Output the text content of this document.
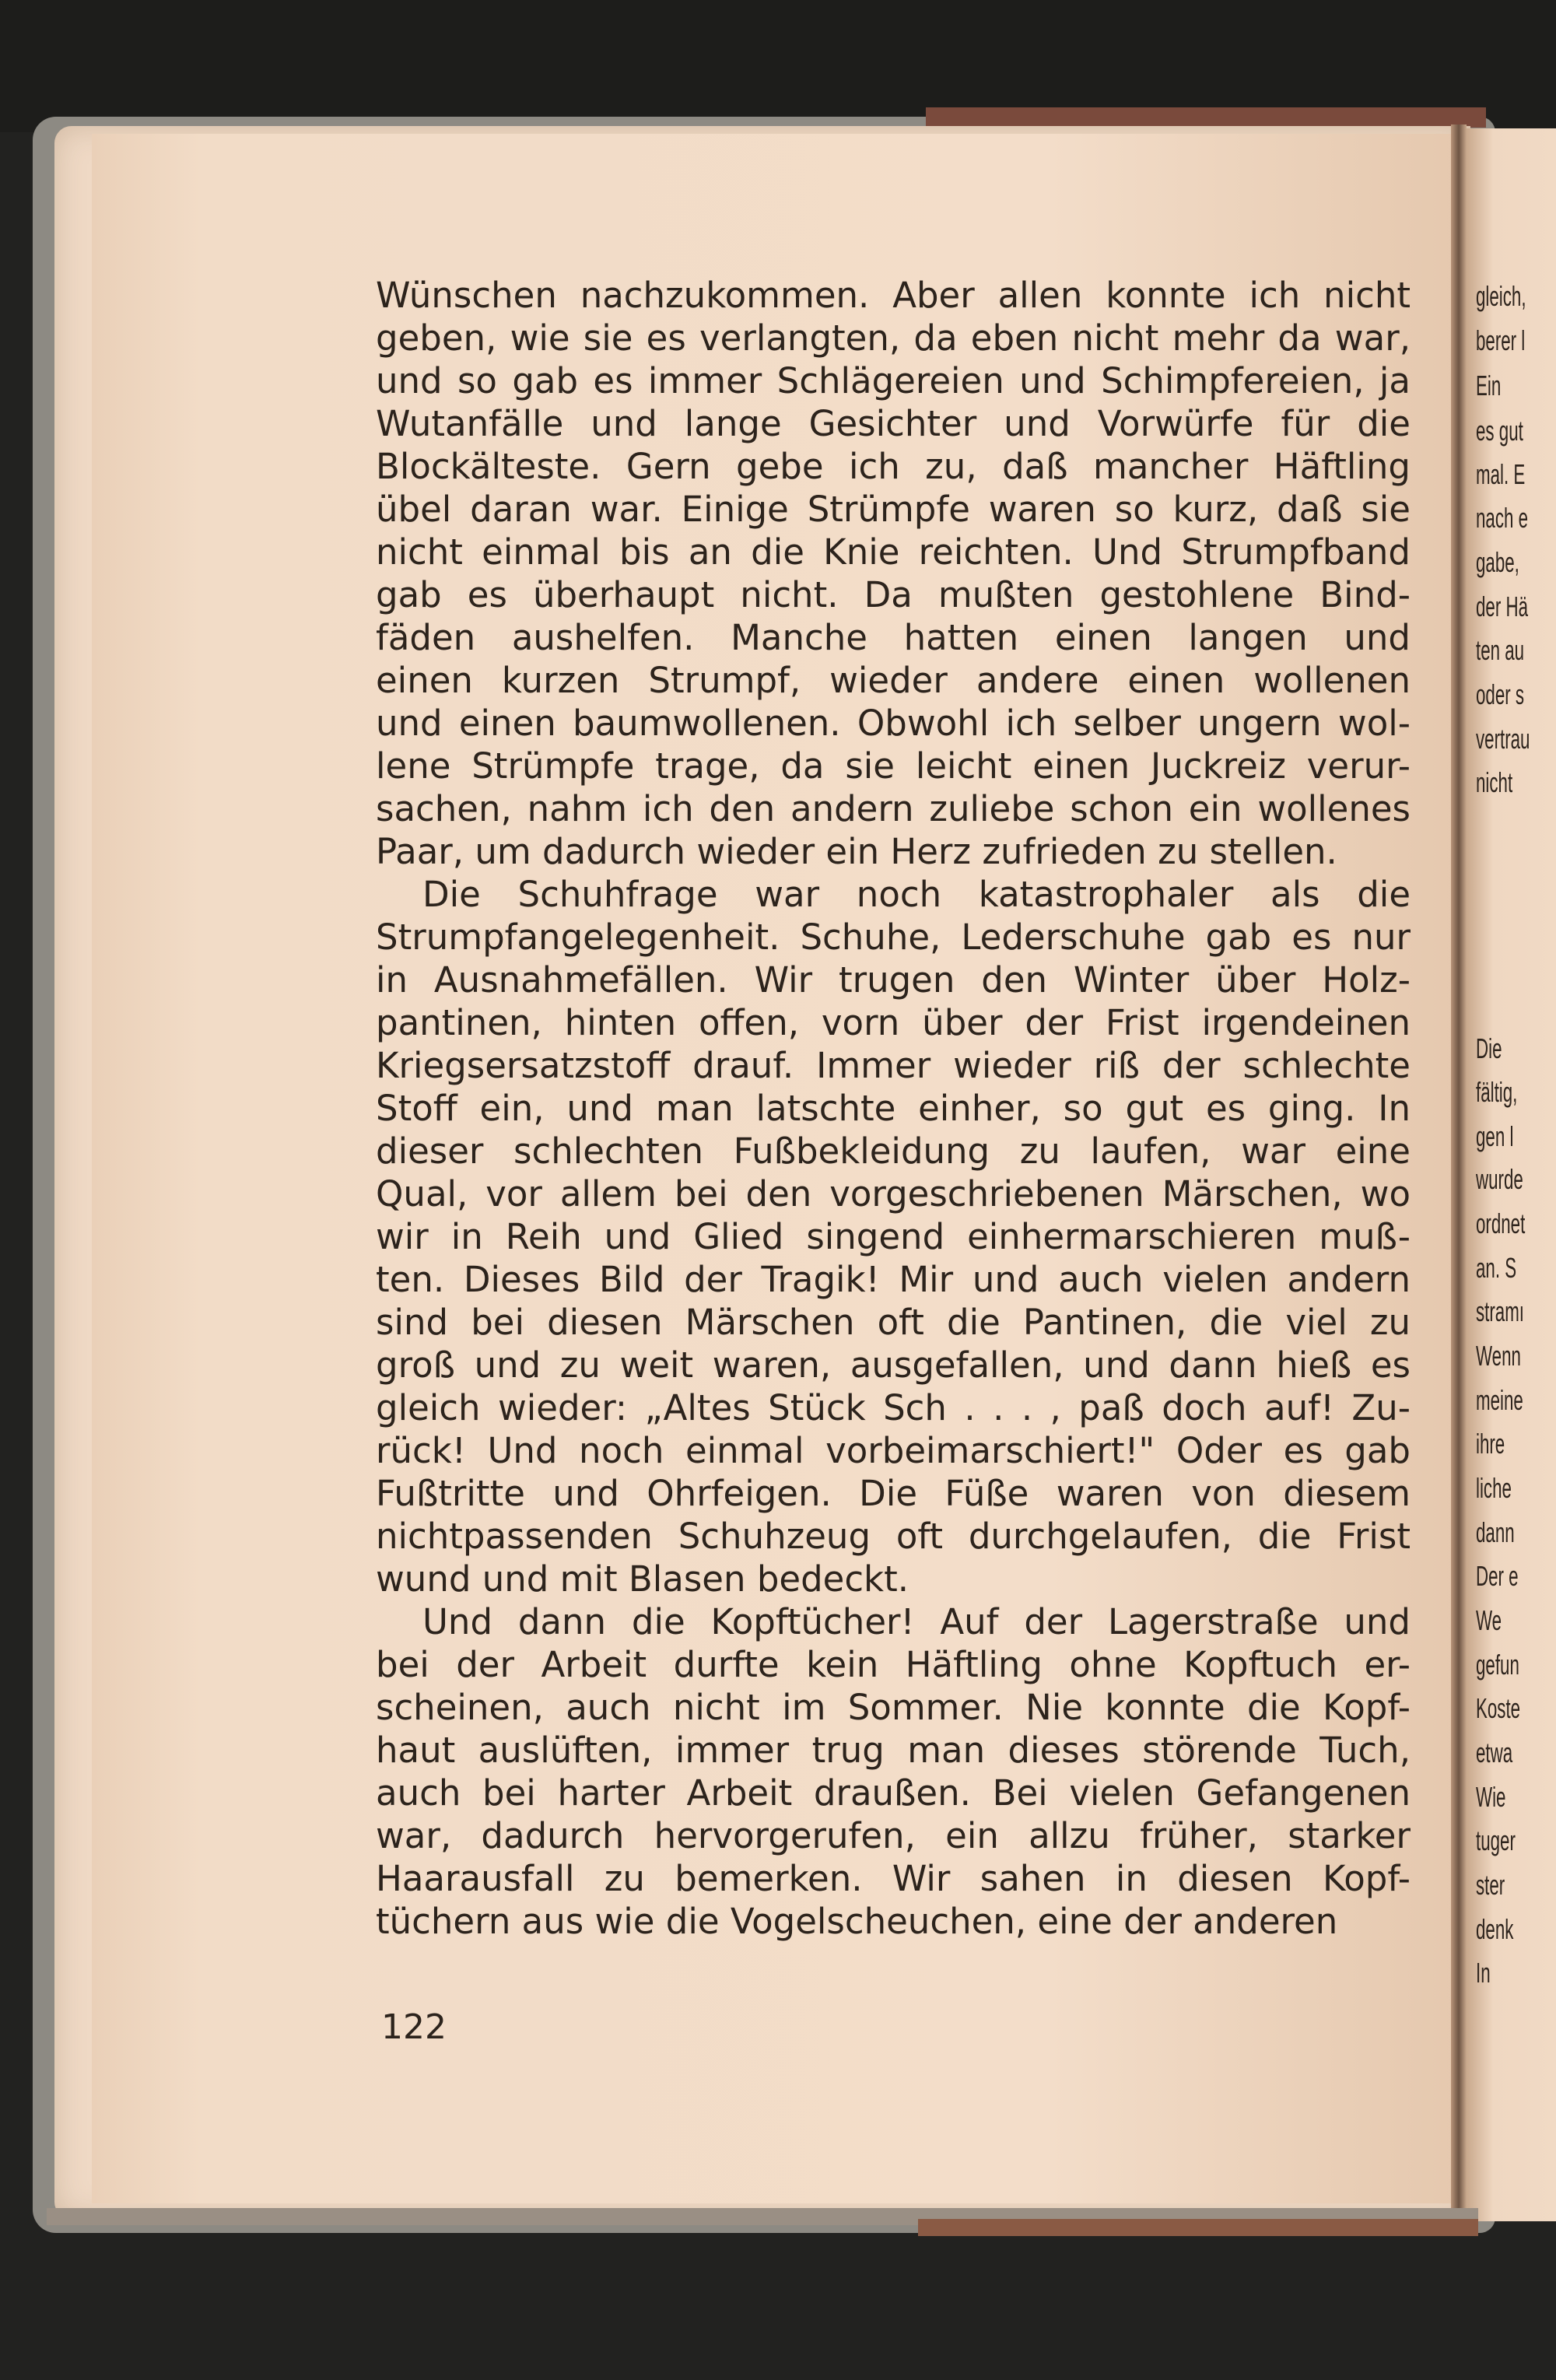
gleich,
berer l
Ein
es gut
mal. E
nach e
gabe,
der Hä
ten au
oder s
vertrau
nicht
Die
fältig,
gen l
wurde
ordnet
an. S
stramı
Wenn
meine
ihre
liche
dann
Der e
We
gefun
Koste
etwa
Wie
tuger
ster
denk
In
Wünschen nachzukommen. Aber allen konnte ich nicht
geben, wie sie es verlangten, da eben nicht mehr da war,
und so gab es immer Schlägereien und Schimpfereien, ja
Wutanfälle und lange Gesichter und Vorwürfe für die
Blockälteste. Gern gebe ich zu, daß mancher Häftling
übel daran war. Einige Strümpfe waren so kurz, daß sie
nicht einmal bis an die Knie reichten. Und Strumpfband
gab es überhaupt nicht. Da mußten gestohlene Bind-
fäden aushelfen. Manche hatten einen langen und
einen kurzen Strumpf, wieder andere einen wollenen
und einen baumwollenen. Obwohl ich selber ungern wol-
lene Strümpfe trage, da sie leicht einen Juckreiz verur-
sachen, nahm ich den andern zuliebe schon ein wollenes
Paar, um dadurch wieder ein Herz zufrieden zu stellen.
Die Schuhfrage war noch katastrophaler als die
Strumpfangelegenheit. Schuhe, Lederschuhe gab es nur
in Ausnahmefällen. Wir trugen den Winter über Holz-
pantinen, hinten offen, vorn über der Frist irgendeinen
Kriegsersatzstoff drauf. Immer wieder riß der schlechte
Stoff ein, und man latschte einher, so gut es ging. In
dieser schlechten Fußbekleidung zu laufen, war eine
Qual, vor allem bei den vorgeschriebenen Märschen, wo
wir in Reih und Glied singend einhermarschieren muß-
ten. Dieses Bild der Tragik! Mir und auch vielen andern
sind bei diesen Märschen oft die Pantinen, die viel zu
groß und zu weit waren, ausgefallen, und dann hieß es
gleich wieder: „Altes Stück Sch . . . , paß doch auf! Zu-
rück! Und noch einmal vorbeimarschiert!" Oder es gab
Fußtritte und Ohrfeigen. Die Füße waren von diesem
nichtpassenden Schuhzeug oft durchgelaufen, die Frist
wund und mit Blasen bedeckt.
Und dann die Kopftücher! Auf der Lagerstraße und
bei der Arbeit durfte kein Häftling ohne Kopftuch er-
scheinen, auch nicht im Sommer. Nie konnte die Kopf-
haut auslüften, immer trug man dieses störende Tuch,
auch bei harter Arbeit draußen. Bei vielen Gefangenen
war, dadurch hervorgerufen, ein allzu früher, starker
Haarausfall zu bemerken. Wir sahen in diesen Kopf-
tüchern aus wie die Vogelscheuchen, eine der anderen
122
